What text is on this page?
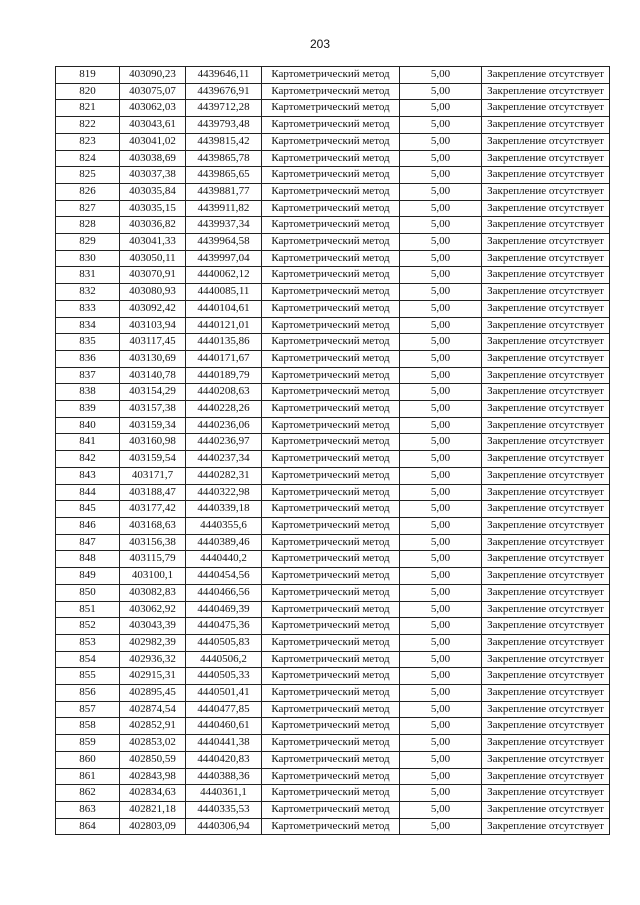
203
819	403090,23	4439646,11	Картометрический метод	5,00	Закрепление отсутствует
820	403075,07	4439676,91	Картометрический метод	5,00	Закрепление отсутствует
821	403062,03	4439712,28	Картометрический метод	5,00	Закрепление отсутствует
822	403043,61	4439793,48	Картометрический метод	5,00	Закрепление отсутствует
823	403041,02	4439815,42	Картометрический метод	5,00	Закрепление отсутствует
824	403038,69	4439865,78	Картометрический метод	5,00	Закрепление отсутствует
825	403037,38	4439865,65	Картометрический метод	5,00	Закрепление отсутствует
826	403035,84	4439881,77	Картометрический метод	5,00	Закрепление отсутствует
827	403035,15	4439911,82	Картометрический метод	5,00	Закрепление отсутствует
828	403036,82	4439937,34	Картометрический метод	5,00	Закрепление отсутствует
829	403041,33	4439964,58	Картометрический метод	5,00	Закрепление отсутствует
830	403050,11	4439997,04	Картометрический метод	5,00	Закрепление отсутствует
831	403070,91	4440062,12	Картометрический метод	5,00	Закрепление отсутствует
832	403080,93	4440085,11	Картометрический метод	5,00	Закрепление отсутствует
833	403092,42	4440104,61	Картометрический метод	5,00	Закрепление отсутствует
834	403103,94	4440121,01	Картометрический метод	5,00	Закрепление отсутствует
835	403117,45	4440135,86	Картометрический метод	5,00	Закрепление отсутствует
836	403130,69	4440171,67	Картометрический метод	5,00	Закрепление отсутствует
837	403140,78	4440189,79	Картометрический метод	5,00	Закрепление отсутствует
838	403154,29	4440208,63	Картометрический метод	5,00	Закрепление отсутствует
839	403157,38	4440228,26	Картометрический метод	5,00	Закрепление отсутствует
840	403159,34	4440236,06	Картометрический метод	5,00	Закрепление отсутствует
841	403160,98	4440236,97	Картометрический метод	5,00	Закрепление отсутствует
842	403159,54	4440237,34	Картометрический метод	5,00	Закрепление отсутствует
843	403171,7	4440282,31	Картометрический метод	5,00	Закрепление отсутствует
844	403188,47	4440322,98	Картометрический метод	5,00	Закрепление отсутствует
845	403177,42	4440339,18	Картометрический метод	5,00	Закрепление отсутствует
846	403168,63	4440355,6	Картометрический метод	5,00	Закрепление отсутствует
847	403156,38	4440389,46	Картометрический метод	5,00	Закрепление отсутствует
848	403115,79	4440440,2	Картометрический метод	5,00	Закрепление отсутствует
849	403100,1	4440454,56	Картометрический метод	5,00	Закрепление отсутствует
850	403082,83	4440466,56	Картометрический метод	5,00	Закрепление отсутствует
851	403062,92	4440469,39	Картометрический метод	5,00	Закрепление отсутствует
852	403043,39	4440475,36	Картометрический метод	5,00	Закрепление отсутствует
853	402982,39	4440505,83	Картометрический метод	5,00	Закрепление отсутствует
854	402936,32	4440506,2	Картометрический метод	5,00	Закрепление отсутствует
855	402915,31	4440505,33	Картометрический метод	5,00	Закрепление отсутствует
856	402895,45	4440501,41	Картометрический метод	5,00	Закрепление отсутствует
857	402874,54	4440477,85	Картометрический метод	5,00	Закрепление отсутствует
858	402852,91	4440460,61	Картометрический метод	5,00	Закрепление отсутствует
859	402853,02	4440441,38	Картометрический метод	5,00	Закрепление отсутствует
860	402850,59	4440420,83	Картометрический метод	5,00	Закрепление отсутствует
861	402843,98	4440388,36	Картометрический метод	5,00	Закрепление отсутствует
862	402834,63	4440361,1	Картометрический метод	5,00	Закрепление отсутствует
863	402821,18	4440335,53	Картометрический метод	5,00	Закрепление отсутствует
864	402803,09	4440306,94	Картометрический метод	5,00	Закрепление отсутствует
